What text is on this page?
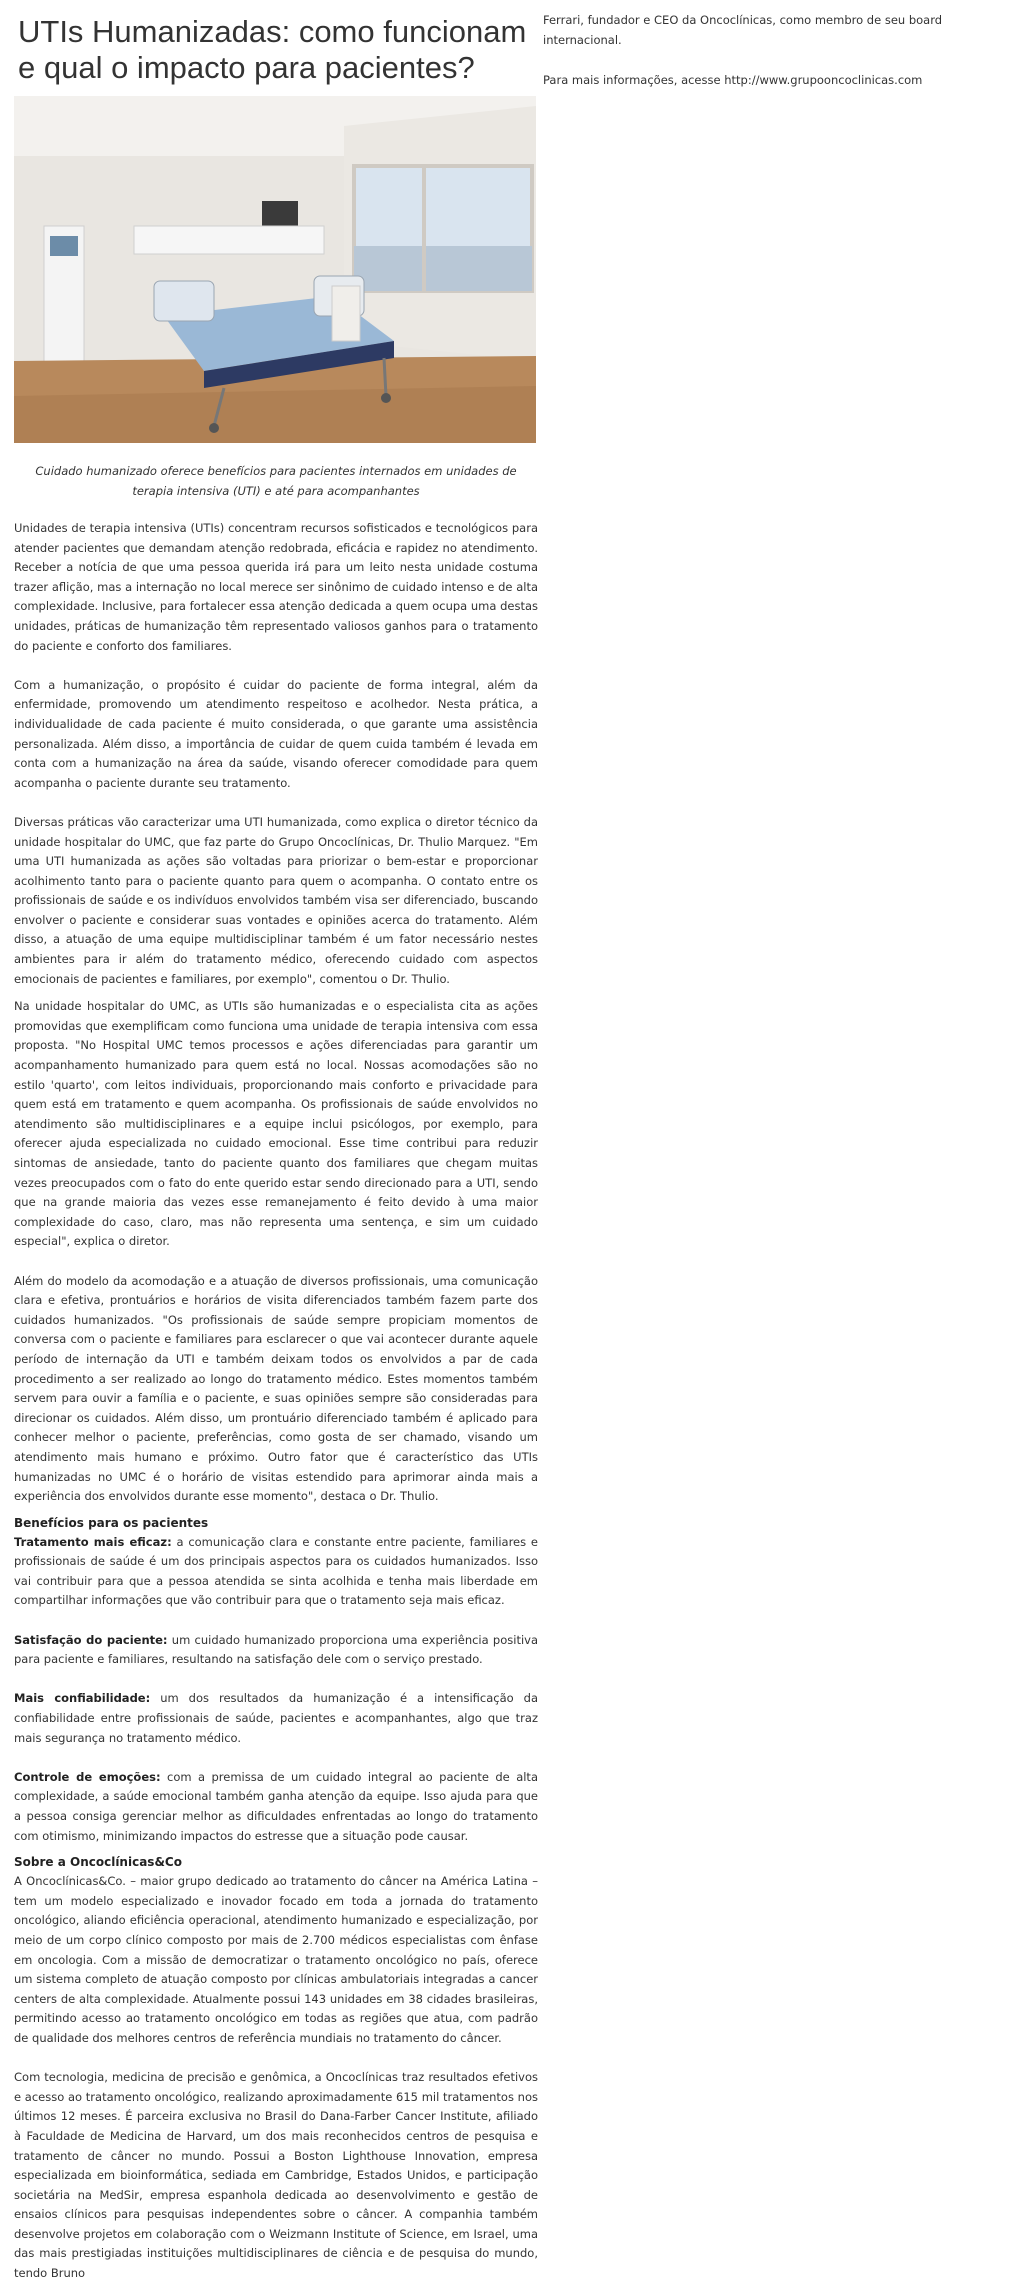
UTIs Humanizadas: como funcionam e qual o impacto para pacientes?

Cuidado humanizado oferece benefícios para pacientes internados em unidades de terapia intensiva (UTI) e até para acompanhantes

Unidades de terapia intensiva (UTIs) concentram recursos sofisticados e tecnológicos para atender pacientes que demandam atenção redobrada, eficácia e rapidez no atendimento. Receber a notícia de que uma pessoa querida irá para um leito nesta unidade costuma trazer aflição, mas a internação no local merece ser sinônimo de cuidado intenso e de alta complexidade. Inclusive, para fortalecer essa atenção dedicada a quem ocupa uma destas unidades, práticas de humanização têm representado valiosos ganhos para o tratamento do paciente e conforto dos familiares.

Com a humanização, o propósito é cuidar do paciente de forma integral, além da enfermidade, promovendo um atendimento respeitoso e acolhedor. Nesta prática, a individualidade de cada paciente é muito considerada, o que garante uma assistência personalizada. Além disso, a importância de cuidar de quem cuida também é levada em conta com a humanização na área da saúde, visando oferecer comodidade para quem acompanha o paciente durante seu tratamento.

Diversas práticas vão caracterizar uma UTI humanizada, como explica o diretor técnico da unidade hospitalar do UMC, que faz parte do Grupo Oncoclínicas, Dr. Thulio Marquez. "Em uma UTI humanizada as ações são voltadas para priorizar o bem-estar e proporcionar acolhimento tanto para o paciente quanto para quem o acompanha. O contato entre os profissionais de saúde e os indivíduos envolvidos também visa ser diferenciado, buscando envolver o paciente e considerar suas vontades e opiniões acerca do tratamento. Além disso, a atuação de uma equipe multidisciplinar também é um fator necessário nestes ambientes para ir além do tratamento médico, oferecendo cuidado com aspectos emocionais de pacientes e familiares, por exemplo", comentou o Dr. Thulio.

Na unidade hospitalar do UMC, as UTIs são humanizadas e o especialista cita as ações promovidas que exemplificam como funciona uma unidade de terapia intensiva com essa proposta. "No Hospital UMC temos processos e ações diferenciadas para garantir um acompanhamento humanizado para quem está no local. Nossas acomodações são no estilo 'quarto', com leitos individuais, proporcionando mais conforto e privacidade para quem está em tratamento e quem acompanha. Os profissionais de saúde envolvidos no atendimento são multidisciplinares e a equipe inclui psicólogos, por exemplo, para oferecer ajuda especializada no cuidado emocional. Esse time contribui para reduzir sintomas de ansiedade, tanto do paciente quanto dos familiares que chegam muitas vezes preocupados com o fato do ente querido estar sendo direcionado para a UTI, sendo que na grande maioria das vezes esse remanejamento é feito devido à uma maior complexidade do caso, claro, mas não representa uma sentença, e sim um cuidado especial", explica o diretor.

Além do modelo da acomodação e a atuação de diversos profissionais, uma comunicação clara e efetiva, prontuários e horários de visita diferenciados também fazem parte dos cuidados humanizados. "Os profissionais de saúde sempre propiciam momentos de conversa com o paciente e familiares para esclarecer o que vai acontecer durante aquele período de internação da UTI e também deixam todos os envolvidos a par de cada procedimento a ser realizado ao longo do tratamento médico. Estes momentos também servem para ouvir a família e o paciente, e suas opiniões sempre são consideradas para direcionar os cuidados. Além disso, um prontuário diferenciado também é aplicado para conhecer melhor o paciente, preferências, como gosta de ser chamado, visando um atendimento mais humano e próximo. Outro fator que é característico das UTIs humanizadas no UMC é o horário de visitas estendido para aprimorar ainda mais a experiência dos envolvidos durante esse momento", destaca o Dr. Thulio.

Benefícios para os pacientes

Tratamento mais eficaz: a comunicação clara e constante entre paciente, familiares e profissionais de saúde é um dos principais aspectos para os cuidados humanizados. Isso vai contribuir para que a pessoa atendida se sinta acolhida e tenha mais liberdade em compartilhar informações que vão contribuir para que o tratamento seja mais eficaz.

Satisfação do paciente: um cuidado humanizado proporciona uma experiência positiva para paciente e familiares, resultando na satisfação dele com o serviço prestado.

Mais confiabilidade: um dos resultados da humanização é a intensificação da confiabilidade entre profissionais de saúde, pacientes e acompanhantes, algo que traz mais segurança no tratamento médico.

Controle de emoções: com a premissa de um cuidado integral ao paciente de alta complexidade, a saúde emocional também ganha atenção da equipe. Isso ajuda para que a pessoa consiga gerenciar melhor as dificuldades enfrentadas ao longo do tratamento com otimismo, minimizando impactos do estresse que a situação pode causar.

Sobre a Oncoclínicas&Co

A Oncoclínicas&Co. – maior grupo dedicado ao tratamento do câncer na América Latina – tem um modelo especializado e inovador focado em toda a jornada do tratamento oncológico, aliando eficiência operacional, atendimento humanizado e especialização, por meio de um corpo clínico composto por mais de 2.700 médicos especialistas com ênfase em oncologia. Com a missão de democratizar o tratamento oncológico no país, oferece um sistema completo de atuação composto por clínicas ambulatoriais integradas a cancer centers de alta complexidade. Atualmente possui 143 unidades em 38 cidades brasileiras, permitindo acesso ao tratamento oncológico em todas as regiões que atua, com padrão de qualidade dos melhores centros de referência mundiais no tratamento do câncer.

Com tecnologia, medicina de precisão e genômica, a Oncoclínicas traz resultados efetivos e acesso ao tratamento oncológico, realizando aproximadamente 615 mil tratamentos nos últimos 12 meses. É parceira exclusiva no Brasil do Dana-Farber Cancer Institute, afiliado à Faculdade de Medicina de Harvard, um dos mais reconhecidos centros de pesquisa e tratamento de câncer no mundo. Possui a Boston Lighthouse Innovation, empresa especializada em bioinformática, sediada em Cambridge, Estados Unidos, e participação societária na MedSir, empresa espanhola dedicada ao desenvolvimento e gestão de ensaios clínicos para pesquisas independentes sobre o câncer. A companhia também desenvolve projetos em colaboração com o Weizmann Institute of Science, em Israel, uma das mais prestigiadas instituições multidisciplinares de ciência e de pesquisa do mundo, tendo Bruno

Ferrari, fundador e CEO da Oncoclínicas, como membro de seu board internacional.

Para mais informações, acesse http://www.grupooncoclinicas.com
